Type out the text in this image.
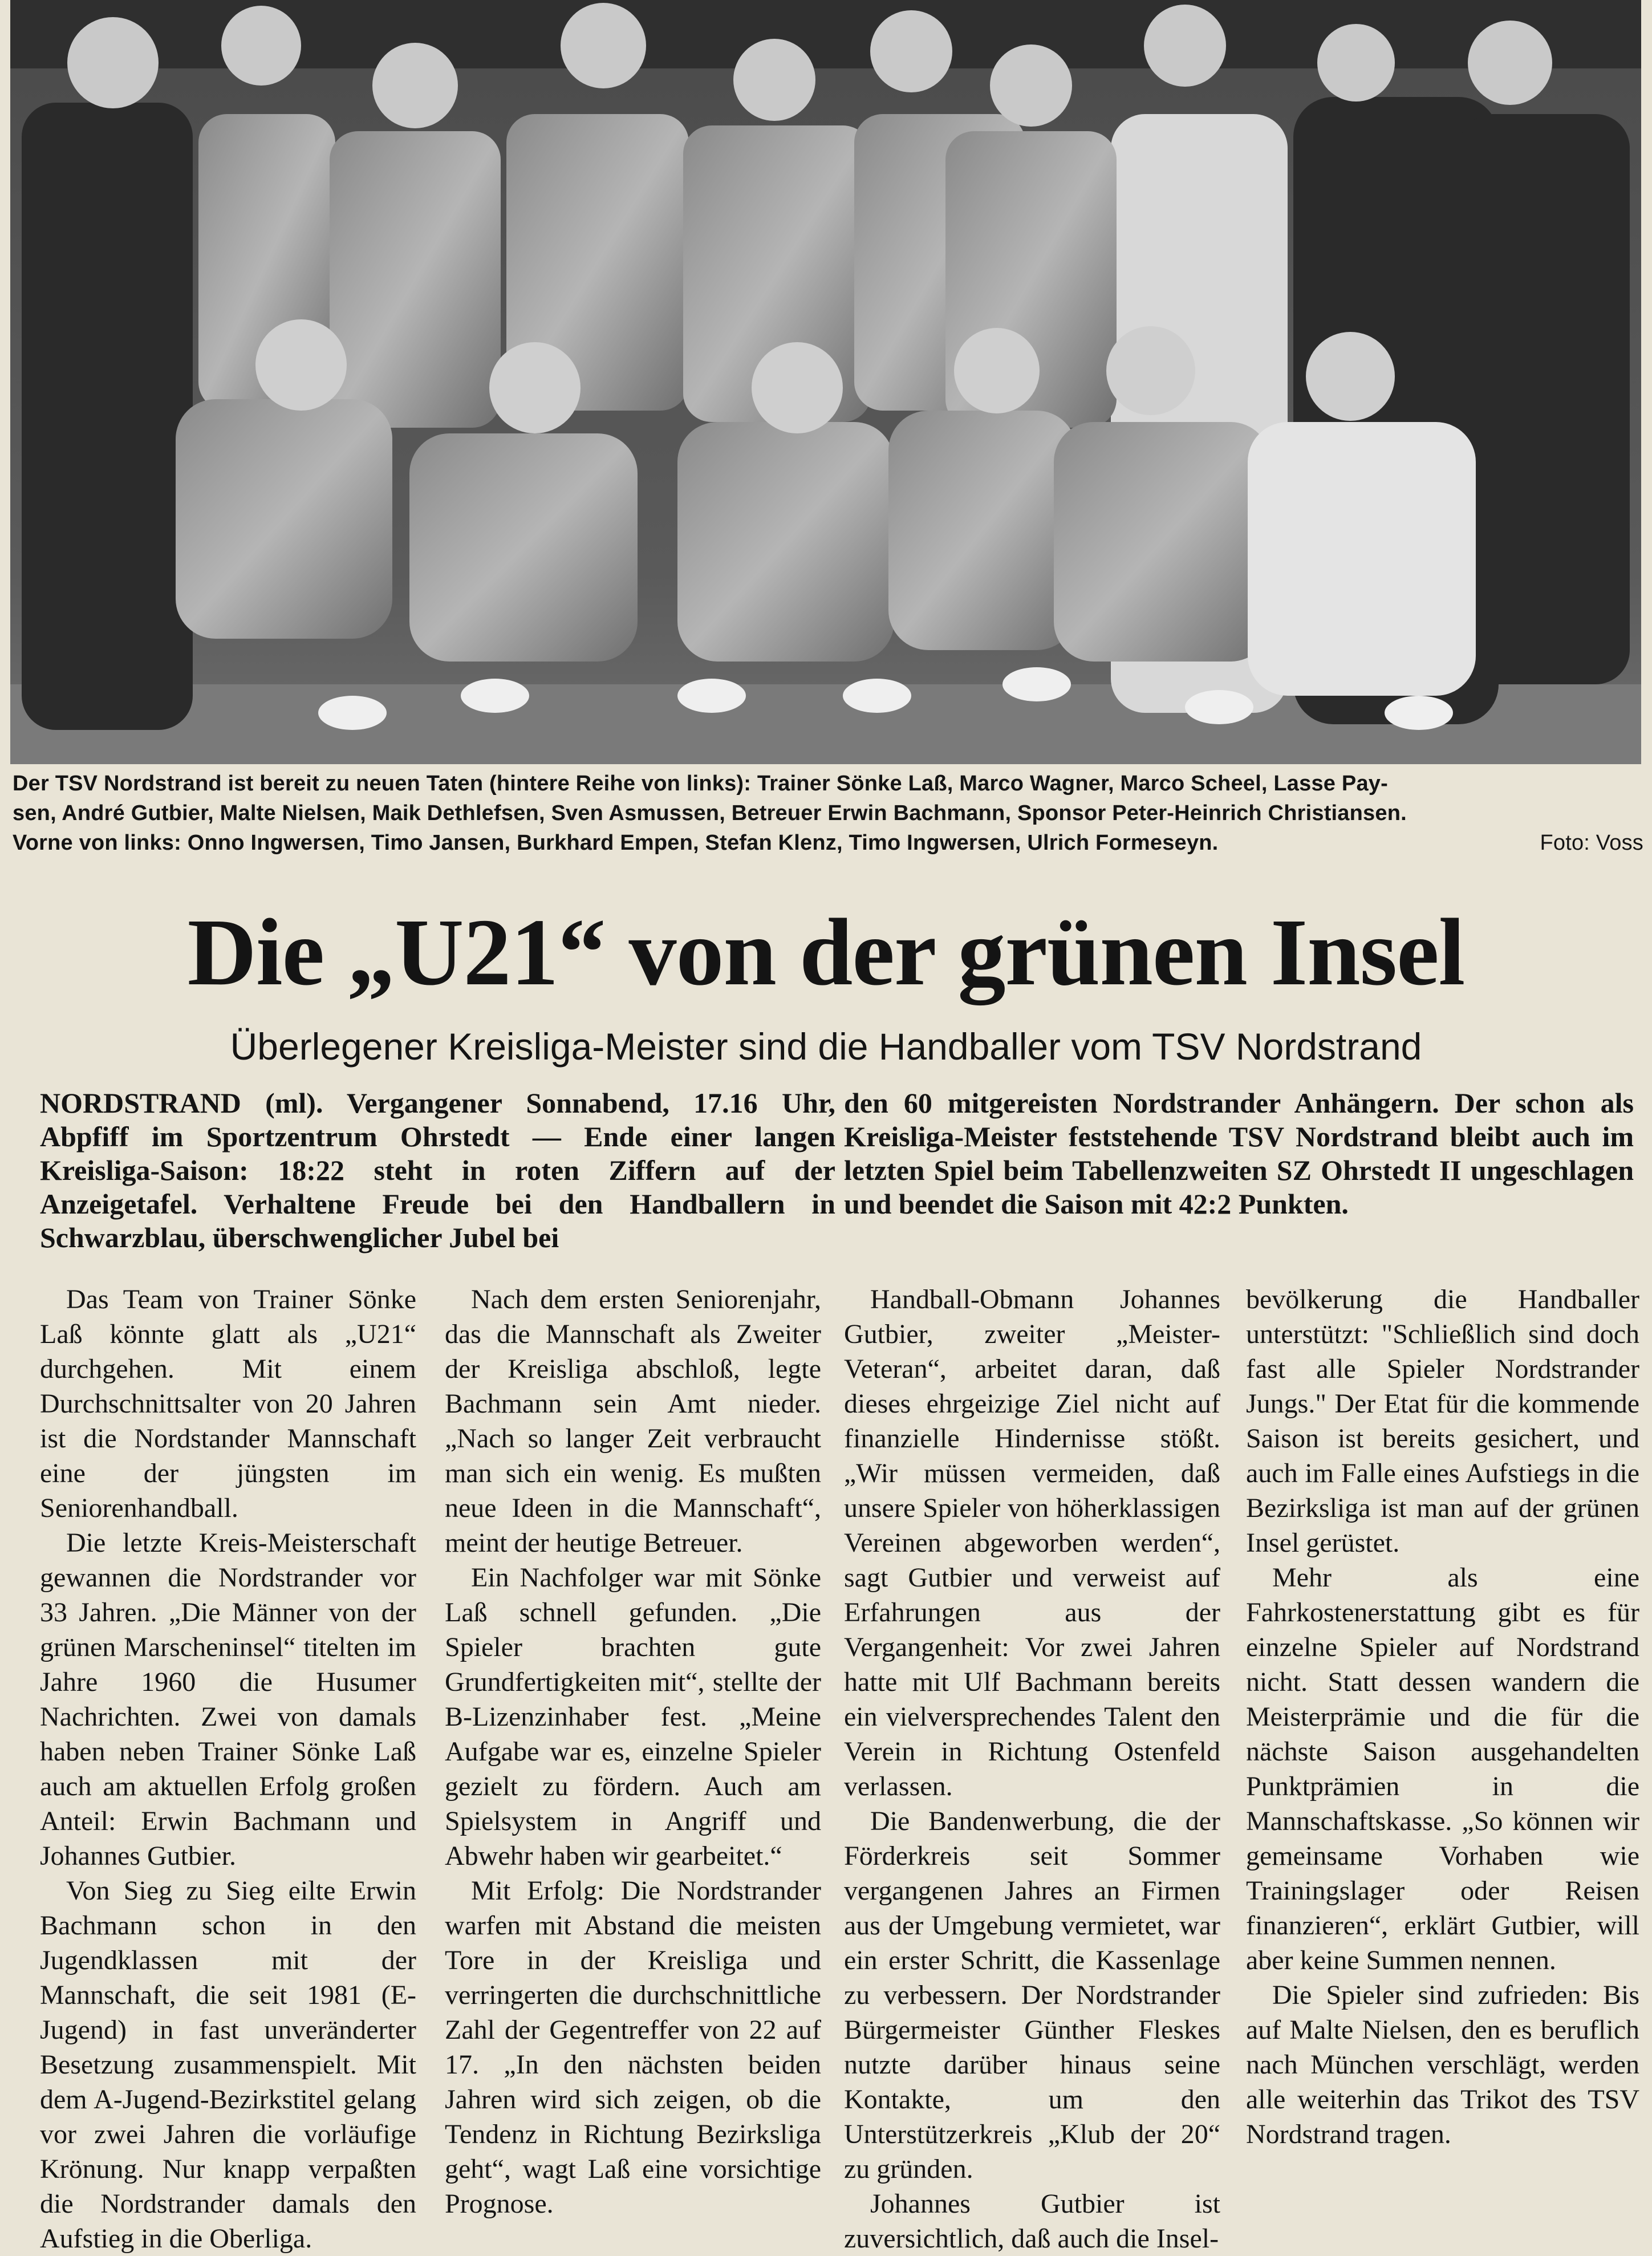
Der TSV Nordstrand ist bereit zu neuen Taten (hintere Reihe von links): Trainer Sönke Laß, Marco Wagner, Marco Scheel, Lasse Pay-
sen, André Gutbier, Malte Nielsen, Maik Dethlefsen, Sven Asmussen, Betreuer Erwin Bachmann, Sponsor Peter-Heinrich Christiansen.
Vorne von links: Onno Ingwersen, Timo Jansen, Burkhard Empen, Stefan Klenz, Timo Ingwersen, Ulrich Formeseyn.	Foto: Voss
Die „U21“ von der grünen Insel
Überlegener Kreisliga-Meister sind die Handballer vom TSV Nordstrand
NORDSTRAND (ml). Vergangener Sonnabend, 17.16 Uhr, Abpfiff im Sportzentrum Ohrstedt — Ende einer langen Kreisliga-Saison: 18:22 steht in roten Ziffern auf der Anzeigetafel. Verhaltene Freude bei den Handballern in Schwarzblau, überschwenglicher Jubel bei
den 60 mitgereisten Nordstrander Anhängern. Der schon als Kreisliga-Meister feststehende TSV Nordstrand bleibt auch im letzten Spiel beim Tabellenzweiten SZ Ohrstedt II ungeschlagen und beendet die Saison mit 42:2 Punkten.

Das Team von Trainer Sönke Laß könnte glatt als „U21“ durchgehen. Mit einem Durchschnittsalter von 20 Jahren ist die Nordstander Mannschaft eine der jüngsten im Seniorenhandball.

Die letzte Kreis-Meisterschaft gewannen die Nordstrander vor 33 Jahren. „Die Männer von der grünen Marscheninsel“ titelten im Jahre 1960 die Husumer Nachrichten. Zwei von damals haben neben Trainer Sönke Laß auch am aktuellen Erfolg großen Anteil: Erwin Bachmann und Johannes Gutbier.

Von Sieg zu Sieg eilte Erwin Bachmann schon in den Jugendklassen mit der Mannschaft, die seit 1981 (E-Jugend) in fast unveränderter Besetzung zusammenspielt. Mit dem A-Jugend-Bezirkstitel gelang vor zwei Jahren die vorläufige Krönung. Nur knapp verpaßten die Nordstrander damals den Aufstieg in die Oberliga.

Nach dem ersten Seniorenjahr, das die Mannschaft als Zweiter der Kreisliga abschloß, legte Bachmann sein Amt nieder. „Nach so langer Zeit verbraucht man sich ein wenig. Es mußten neue Ideen in die Mannschaft“, meint der heutige Betreuer.

Ein Nachfolger war mit Sönke Laß schnell gefunden. „Die Spieler brachten gute Grundfertigkeiten mit“, stellte der B-Lizenzinhaber fest. „Meine Aufgabe war es, einzelne Spieler gezielt zu fördern. Auch am Spielsystem in Angriff und Abwehr haben wir gearbeitet.“

Mit Erfolg: Die Nordstrander warfen mit Abstand die meisten Tore in der Kreisliga und verringerten die durchschnittliche Zahl der Gegentreffer von 22 auf 17. „In den nächsten beiden Jahren wird sich zeigen, ob die Tendenz in Richtung Bezirksliga geht“, wagt Laß eine vorsichtige Prognose.

Handball-Obmann Johannes Gutbier, zweiter „Meister-Veteran“, arbeitet daran, daß dieses ehrgeizige Ziel nicht auf finanzielle Hindernisse stößt. „Wir müssen vermeiden, daß unsere Spieler von höherklassigen Vereinen abgeworben werden“, sagt Gutbier und verweist auf Erfahrungen aus der Vergangenheit: Vor zwei Jahren hatte mit Ulf Bachmann bereits ein vielversprechendes Talent den Verein in Richtung Ostenfeld verlassen.

Die Bandenwerbung, die der Förderkreis seit Sommer vergangenen Jahres an Firmen aus der Umgebung vermietet, war ein erster Schritt, die Kassenlage zu verbessern. Der Nordstrander Bürgermeister Günther Fleskes nutzte darüber hinaus seine Kontakte, um den Unterstützerkreis „Klub der 20“ zu gründen.

Johannes Gutbier ist zuversichtlich, daß auch die Insel-

bevölkerung die Handballer unterstützt: "Schließlich sind doch fast alle Spieler Nordstrander Jungs." Der Etat für die kommende Saison ist bereits gesichert, und auch im Falle eines Aufstiegs in die Bezirksliga ist man auf der grünen Insel gerüstet.

Mehr als eine Fahrkostenerstattung gibt es für einzelne Spieler auf Nordstrand nicht. Statt dessen wandern die Meisterprämie und die für die nächste Saison ausgehandelten Punktprämien in die Mannschaftskasse. „So können wir gemeinsame Vorhaben wie Trainingslager oder Reisen finanzieren“, erklärt Gutbier, will aber keine Summen nennen.

Die Spieler sind zufrieden: Bis auf Malte Nielsen, den es beruflich nach München verschlägt, werden alle weiterhin das Trikot des TSV Nordstrand tragen.
